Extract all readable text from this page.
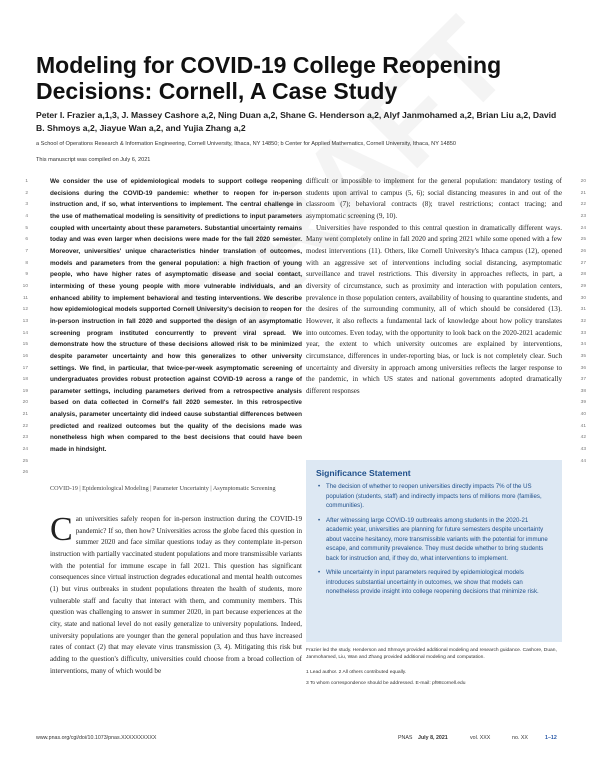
Modeling for COVID-19 College Reopening
Decisions: Cornell, A Case Study
Peter I. Frazier a,1,3, J. Massey Cashore a,2, Ning Duan a,2, Shane G. Henderson a,2, Alyf Janmohamed a,2, Brian Liu a,2, David B. Shmoys a,2, Jiayue Wan a,2, and Yujia Zhang a,2
a School of Operations Research & Information Engineering, Cornell University, Ithaca, NY 14850; b Center for Applied Mathematics, Cornell University, Ithaca, NY 14850
This manuscript was compiled on July 6, 2021
1
2
3
4
5
6
7
8
9
10
11
12
13
14
15
16
17
18
19
20
21
22
23
24
25
26
20
21
22
23
24
25
26
27
28
29
30
31
32
33
34
35
36
37
38
39
40
41
42
43
44
We consider the use of epidemiological models to support college reopening decisions during the COVID-19 pandemic: whether to reopen for in-person instruction and, if so, what interventions to implement. The central challenge in the use of mathematical modeling is sensitivity of predictions to input parameters coupled with uncertainty about these parameters. Substantial uncertainty remains today and was even larger when decisions were made for the fall 2020 semester. Moreover, universities' unique characteristics hinder translation of outcomes, models and parameters from the general population: a high fraction of young people, who have higher rates of asymptomatic disease and social contact, intermixing of these young people with more vulnerable individuals, and an enhanced ability to implement behavioral and testing interventions. We describe how epidemiological models supported Cornell University's decision to reopen for in-person instruction in fall 2020 and supported the design of an asymptomatic screening program instituted concurrently to prevent viral spread. We demonstrate how the structure of these decisions allowed risk to be minimized despite parameter uncertainty and how this generalizes to other university settings. We find, in particular, that twice-per-week asymptomatic screening of undergraduates provides robust protection against COVID-19 across a range of parameter settings, including parameters derived from a retrospective analysis based on data collected in Cornell's fall 2020 semester. In this retrospective analysis, parameter uncertainty did indeed cause substantial differences between predicted and realized outcomes but the quality of the decisions made was nonetheless high when compared to the best decisions that could have been made in hindsight.
COVID-19 | Epidemiological Modeling | Parameter Uncertainty | Asymptomatic Screening
Can universities safely reopen for in-person instruction during the COVID-19 pandemic? If so, then how? Universities across the globe faced this question in summer 2020 and face similar questions today as they contemplate in-person instruction with partially vaccinated student populations and more transmissible variants with the potential for immune escape in fall 2021. This question has significant consequences since virtual instruction degrades educational and mental health outcomes (1) but virus outbreaks in student populations threaten the health of students, more vulnerable staff and faculty that interact with them, and community members. This question was challenging to answer in summer 2020, in part because experiences at the city, state and national level do not easily generalize to university populations. Indeed, university populations are younger than the general population and thus have increased rates of contact (2) that may elevate virus transmission (3, 4). Mitigating this risk but adding to the question's difficulty, universities could choose from a broad collection of interventions, many of which would be

difficult or impossible to implement for the general population: mandatory testing of students upon arrival to campus (5, 6); social distancing measures in and out of the classroom (7); behavioral contracts (8); travel restrictions; contact tracing; and asymptomatic screening (9, 10).

Universities have responded to this central question in dramatically different ways. Many went completely online in fall 2020 and spring 2021 while some opened with a few modest interventions (11). Others, like Cornell University's Ithaca campus (12), opened with an aggressive set of interventions including social distancing, asymptomatic surveillance and travel restrictions. This diversity in approaches reflects, in part, a diversity of circumstance, such as proximity and interaction with population centers, prevalence in those population centers, availability of housing to quarantine students, and the desires of the surrounding community, all of which should be considered (13). However, it also reflects a fundamental lack of knowledge about how policy translates into outcomes. Even today, with the opportunity to look back on the 2020-2021 academic year, the extent to which university outcomes are explained by interventions, circumstance, differences in under-reporting bias, or luck is not completely clear. Such uncertainty and diversity in approach among universities reflects the larger response to the pandemic, in which US states and national governments adopted dramatically different responses

Significance Statement
• The decision of whether to reopen universities directly impacts 7% of the US population (students, staff) and indirectly impacts tens of millions more (families, communities).
• After witnessing large COVID-19 outbreaks among students in the 2020-21 academic year, universities are planning for future semesters despite uncertainty about vaccine hesitancy, more transmissible variants with the potential for immune escape, and community prevalence. They must decide whether to bring students back for instruction and, if they do, what interventions to implement.
• While uncertainty in input parameters required by epidemiological models introduces substantial uncertainty in outcomes, we show that models can nonetheless provide insight into college reopening decisions that minimize risk.
Frazier led the study. Henderson and Shmoys provided additional modeling and research guidance. Cashore, Duan, Janmohamed, Liu, Wan and Zhang provided additional modeling and computation.
1 Lead author. 2 All others contributed equally.
3 To whom correspondence should be addressed. E-mail: pf98cornell.edu
www.pnas.org/cgi/doi/10.1073/pnas.XXXXXXXXXX	PNAS July 8, 2021	vol. XXX	no. XX	1–12
